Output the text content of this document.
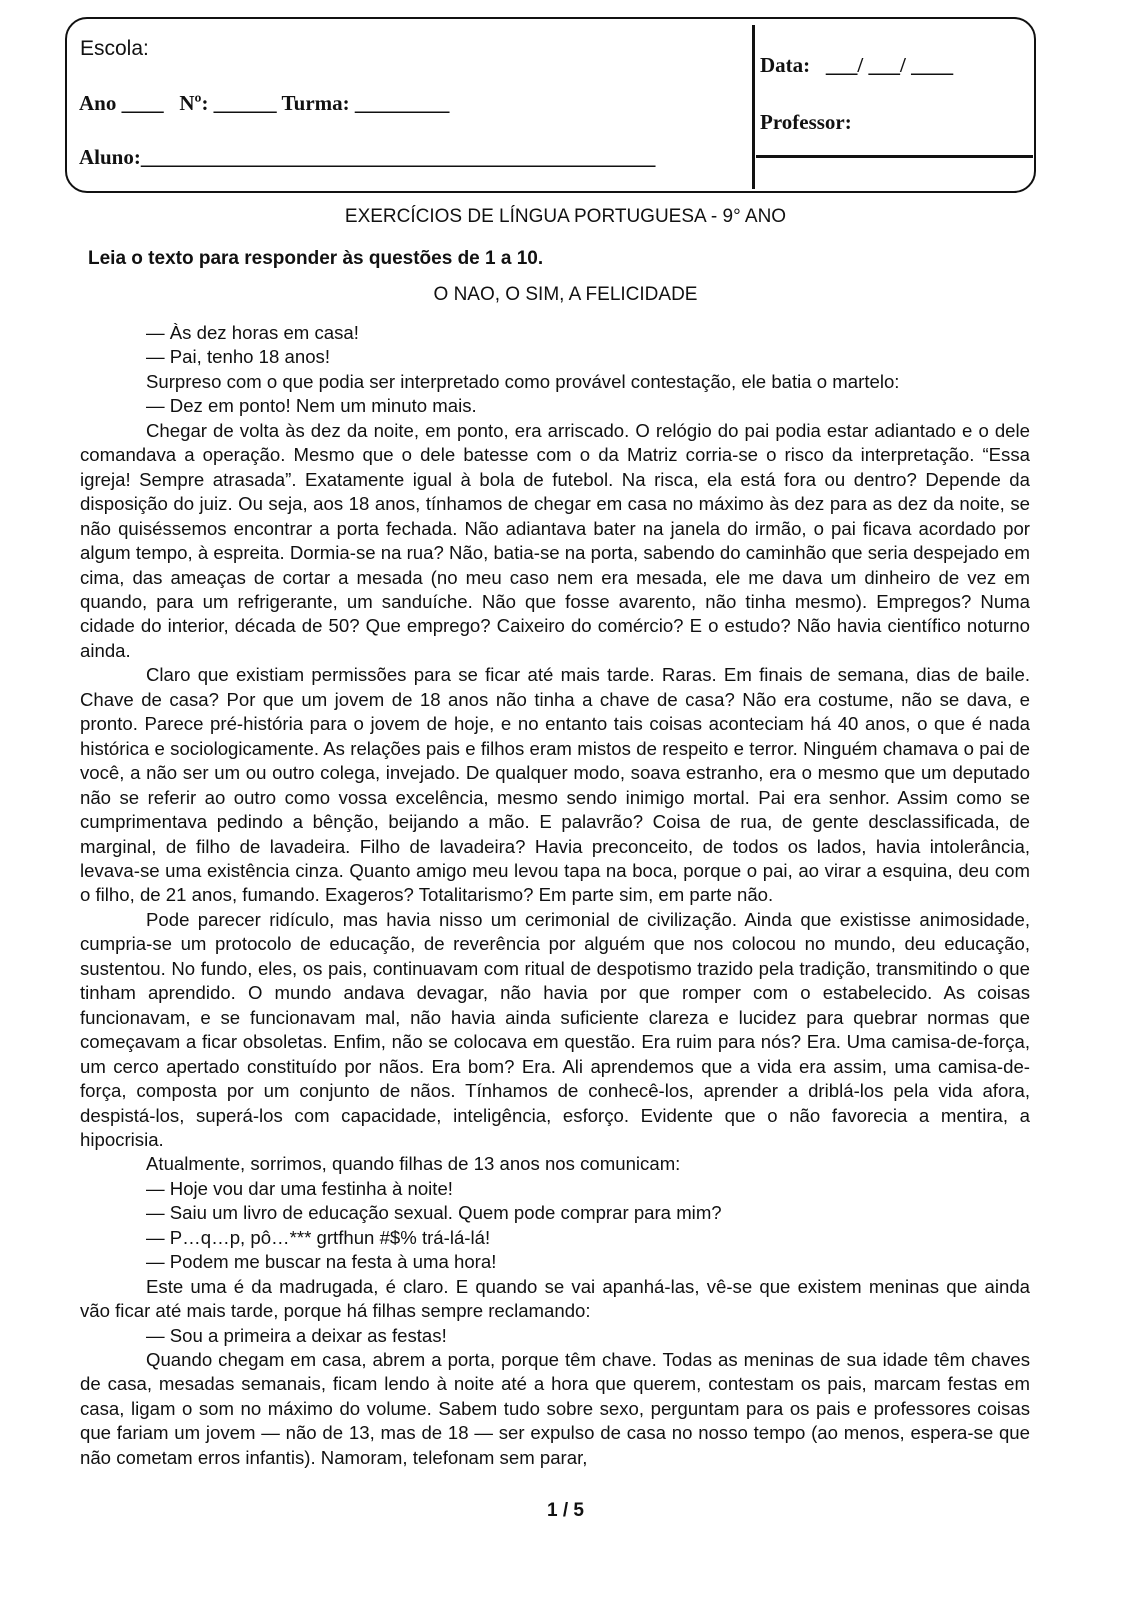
Escola:
Ano ____   Nº: ______ Turma: _________
Aluno:_________________________________________________
Data:   ___/ ___/ ____
Professor:
EXERCÍCIOS DE LÍNGUA PORTUGUESA - 9° ANO
Leia o texto para responder às questões de 1 a 10.
O NAO, O SIM, A FELICIDADE

— Às dez horas em casa!

— Pai, tenho 18 anos!

Surpreso com o que podia ser interpretado como provável contestação, ele batia o martelo:

— Dez em ponto! Nem um minuto mais.

Chegar de volta às dez da noite, em ponto, era arriscado. O relógio do pai podia estar adiantado e o dele comandava a operação. Mesmo que o dele batesse com o da Matriz corria-se o risco da interpretação. “Essa igreja! Sempre atrasada”. Exatamente igual à bola de futebol. Na risca, ela está fora ou dentro? Depende da disposição do juiz. Ou seja, aos 18 anos, tínhamos de chegar em casa no máximo às dez para as dez da noite, se não quiséssemos encontrar a porta fechada. Não adiantava bater na janela do irmão, o pai ficava acordado por algum tempo, à espreita. Dormia-se na rua? Não, batia-se na porta, sabendo do caminhão que seria despejado em cima, das ameaças de cortar a mesada (no meu caso nem era mesada, ele me dava um dinheiro de vez em quando, para um refrigerante, um sanduíche. Não que fosse avarento, não tinha mesmo). Empregos? Numa cidade do interior, década de 50? Que emprego? Caixeiro do comércio? E o estudo? Não havia científico noturno ainda.

Claro que existiam permissões para se ficar até mais tarde. Raras. Em finais de semana, dias de baile. Chave de casa? Por que um jovem de 18 anos não tinha a chave de casa? Não era costume, não se dava, e pronto. Parece pré-história para o jovem de hoje, e no entanto tais coisas aconteciam há 40 anos, o que é nada histórica e sociologicamente. As relações pais e filhos eram mistos de respeito e terror. Ninguém chamava o pai de você, a não ser um ou outro colega, invejado. De qualquer modo, soava estranho, era o mesmo que um deputado não se referir ao outro como vossa excelência, mesmo sendo inimigo mortal. Pai era senhor. Assim como se cumprimentava pedindo a bênção, beijando a mão. E palavrão? Coisa de rua, de gente desclassificada, de marginal, de filho de lavadeira. Filho de lavadeira? Havia preconceito, de todos os lados, havia intolerância, levava-se uma existência cinza. Quanto amigo meu levou tapa na boca, porque o pai, ao virar a esquina, deu com o filho, de 21 anos, fumando. Exageros? Totalitarismo? Em parte sim, em parte não.

Pode parecer ridículo, mas havia nisso um cerimonial de civilização. Ainda que existisse animosidade, cumpria-se um protocolo de educação, de reverência por alguém que nos colocou no mundo, deu educação, sustentou. No fundo, eles, os pais, continuavam com ritual de despotismo trazido pela tradição, transmitindo o que tinham aprendido. O mundo andava devagar, não havia por que romper com o estabelecido. As coisas funcionavam, e se funcionavam mal, não havia ainda suficiente clareza e lucidez para quebrar normas que começavam a ficar obsoletas. Enfim, não se colocava em questão. Era ruim para nós? Era. Uma camisa-de-força, um cerco apertado constituído por nãos. Era bom? Era. Ali aprendemos que a vida era assim, uma camisa-de-força, composta por um conjunto de nãos. Tínhamos de conhecê-los, aprender a driblá-los pela vida afora, despistá-los, superá-los com capacidade, inteligência, esforço. Evidente que o não favorecia a mentira, a hipocrisia.

Atualmente, sorrimos, quando filhas de 13 anos nos comunicam:

— Hoje vou dar uma festinha à noite!

— Saiu um livro de educação sexual. Quem pode comprar para mim?

— P…q…p, pô…*** grtfhun #$% trá-lá-lá!

— Podem me buscar na festa à uma hora!

Este uma é da madrugada, é claro. E quando se vai apanhá-las, vê-se que existem meninas que ainda vão ficar até mais tarde, porque há filhas sempre reclamando:

— Sou a primeira a deixar as festas!

Quando chegam em casa, abrem a porta, porque têm chave. Todas as meninas de sua idade têm chaves de casa, mesadas semanais, ficam lendo à noite até a hora que querem, contestam os pais, marcam festas em casa, ligam o som no máximo do volume. Sabem tudo sobre sexo, perguntam para os pais e professores coisas que fariam um jovem — não de 13, mas de 18 — ser expulso de casa no nosso tempo (ao menos, espera-se que não cometam erros infantis). Namoram, telefonam sem parar,

1 / 5
